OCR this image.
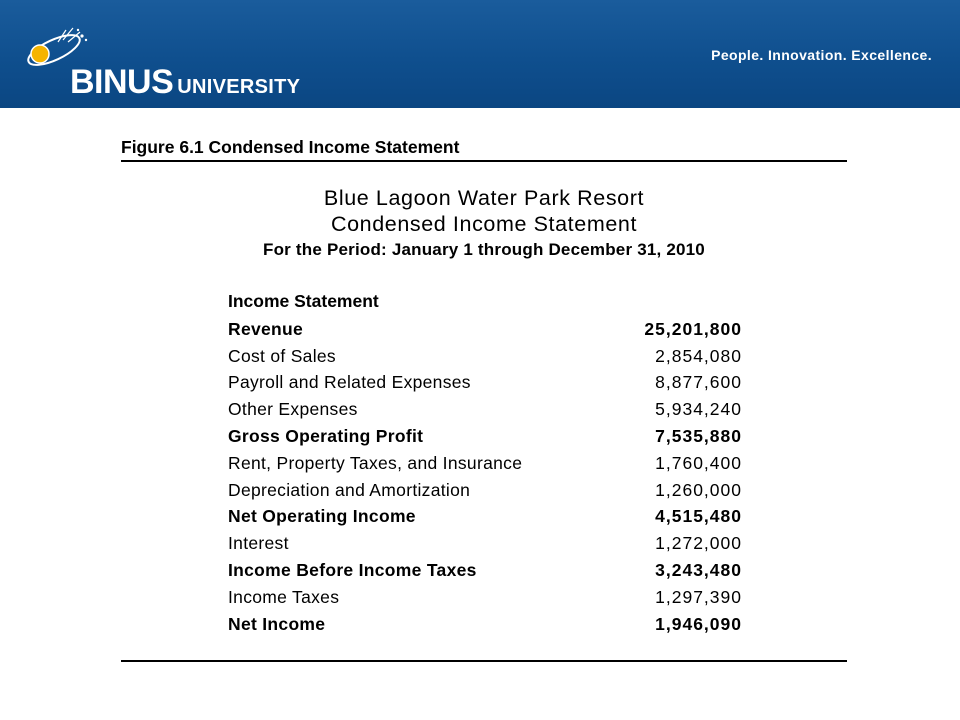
BINUS UNIVERSITY
People. Innovation. Excellence.
Figure 6.1 Condensed Income Statement
Blue Lagoon Water Park Resort
Condensed Income Statement
For the Period: January 1 through December 31, 2010
Income Statement
Revenue	25,201,800
Cost of Sales	2,854,080
Payroll and Related Expenses	8,877,600
Other Expenses	5,934,240
Gross Operating Profit	7,535,880
Rent, Property Taxes, and Insurance	1,760,400
Depreciation and Amortization	1,260,000
Net Operating Income	4,515,480
Interest	1,272,000
Income Before Income Taxes	3,243,480
Income Taxes	1,297,390
Net Income	1,946,090
